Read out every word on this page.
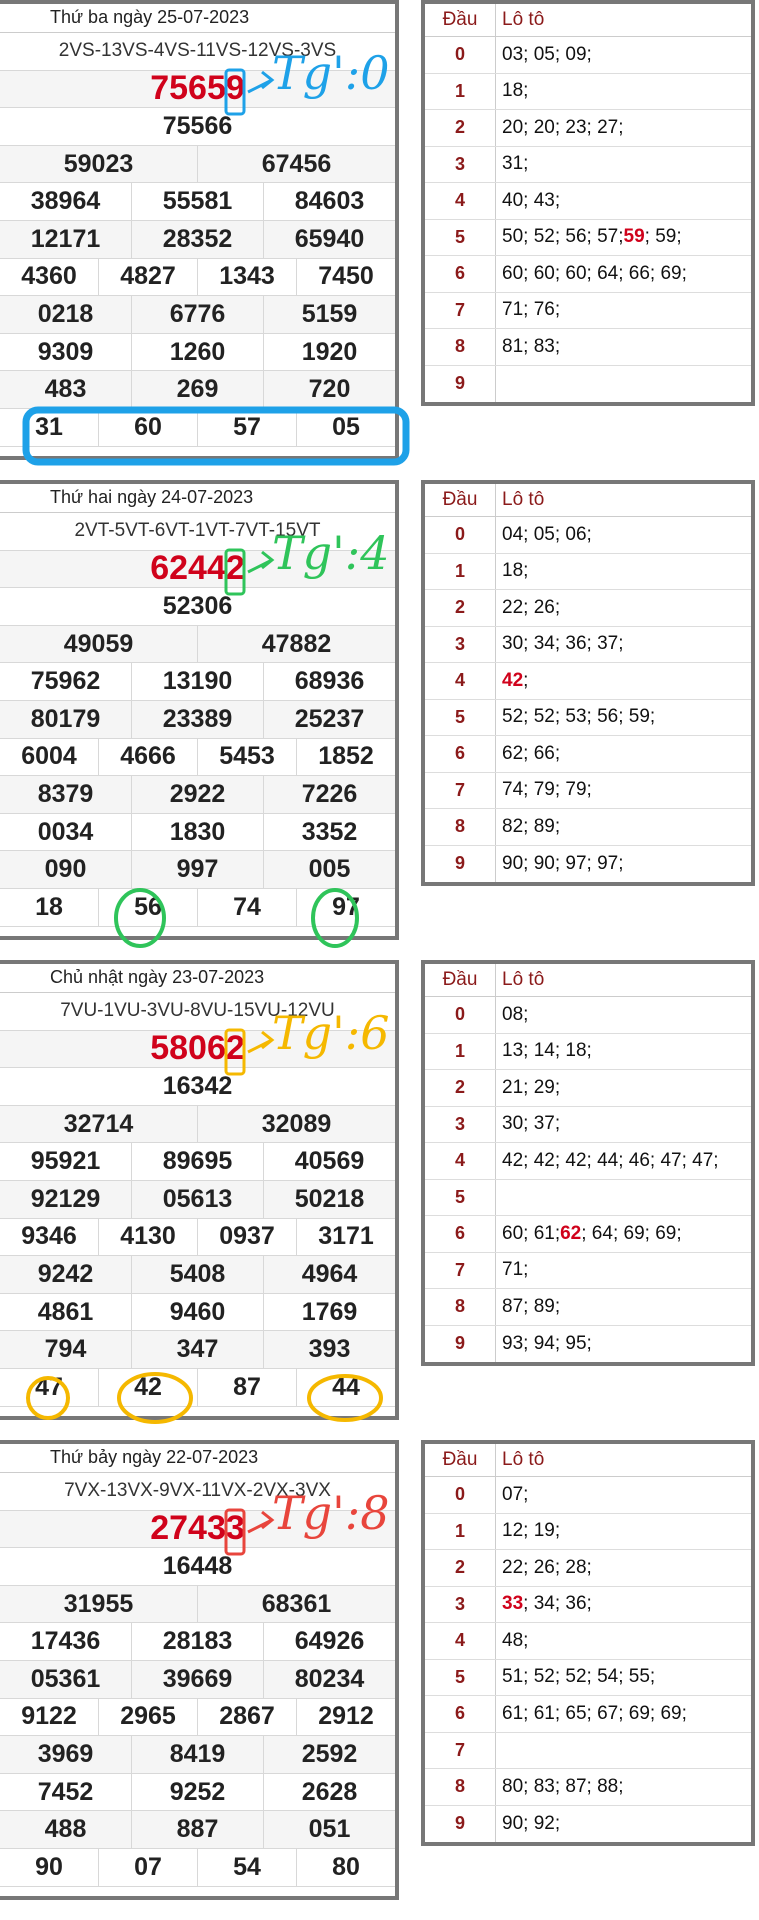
Thứ ba ngày 25-07-2023
2VS-13VS-4VS-11VS-12VS-3VS
75659
75566
59023	67456
38964	55581	84603
12171	28352	65940
4360	4827	1343	7450
0218	6776	5159
9309	1260	1920
483	269	720
31	60	57	05
Đầu	Lô tô
0	03; 05; 09;
1	18;
2	20; 20; 23; 27;
3	31;
4	40; 43;
5	50; 52; 56; 57; 59 ; 59;
6	60; 60; 60; 64; 66; 69;
7	71; 76;
8	81; 83;
9
Tg':0
Thứ hai ngày 24-07-2023
2VT-5VT-6VT-1VT-7VT-15VT
62442
52306
49059	47882
75962	13190	68936
80179	23389	25237
6004	4666	5453	1852
8379	2922	7226
0034	1830	3352
090	997	005
18	56	74	97
Đầu	Lô tô
0	04; 05; 06;
1	18;
2	22; 26;
3	30; 34; 36; 37;
4	42 ;
5	52; 52; 53; 56; 59;
6	62; 66;
7	74; 79; 79;
8	82; 89;
9	90; 90; 97; 97;
Tg':4
Chủ nhật ngày 23-07-2023
7VU-1VU-3VU-8VU-15VU-12VU
58062
16342
32714	32089
95921	89695	40569
92129	05613	50218
9346	4130	0937	3171
9242	5408	4964
4861	9460	1769
794	347	393
47	42	87	44
Đầu	Lô tô
0	08;
1	13; 14; 18;
2	21; 29;
3	30; 37;
4	42; 42; 42; 44; 46; 47; 47;
5
6	60; 61; 62 ; 64; 69; 69;
7	71;
8	87; 89;
9	93; 94; 95;
Tg':6
Thứ bảy ngày 22-07-2023
7VX-13VX-9VX-11VX-2VX-3VX
27433
16448
31955	68361
17436	28183	64926
05361	39669	80234
9122	2965	2867	2912
3969	8419	2592
7452	9252	2628
488	887	051
90	07	54	80
Đầu	Lô tô
0	07;
1	12; 19;
2	22; 26; 28;
3	33 ; 34; 36;
4	48;
5	51; 52; 52; 54; 55;
6	61; 61; 65; 67; 69; 69;
7
8	80; 83; 87; 88;
9	90; 92;
Tg':8
